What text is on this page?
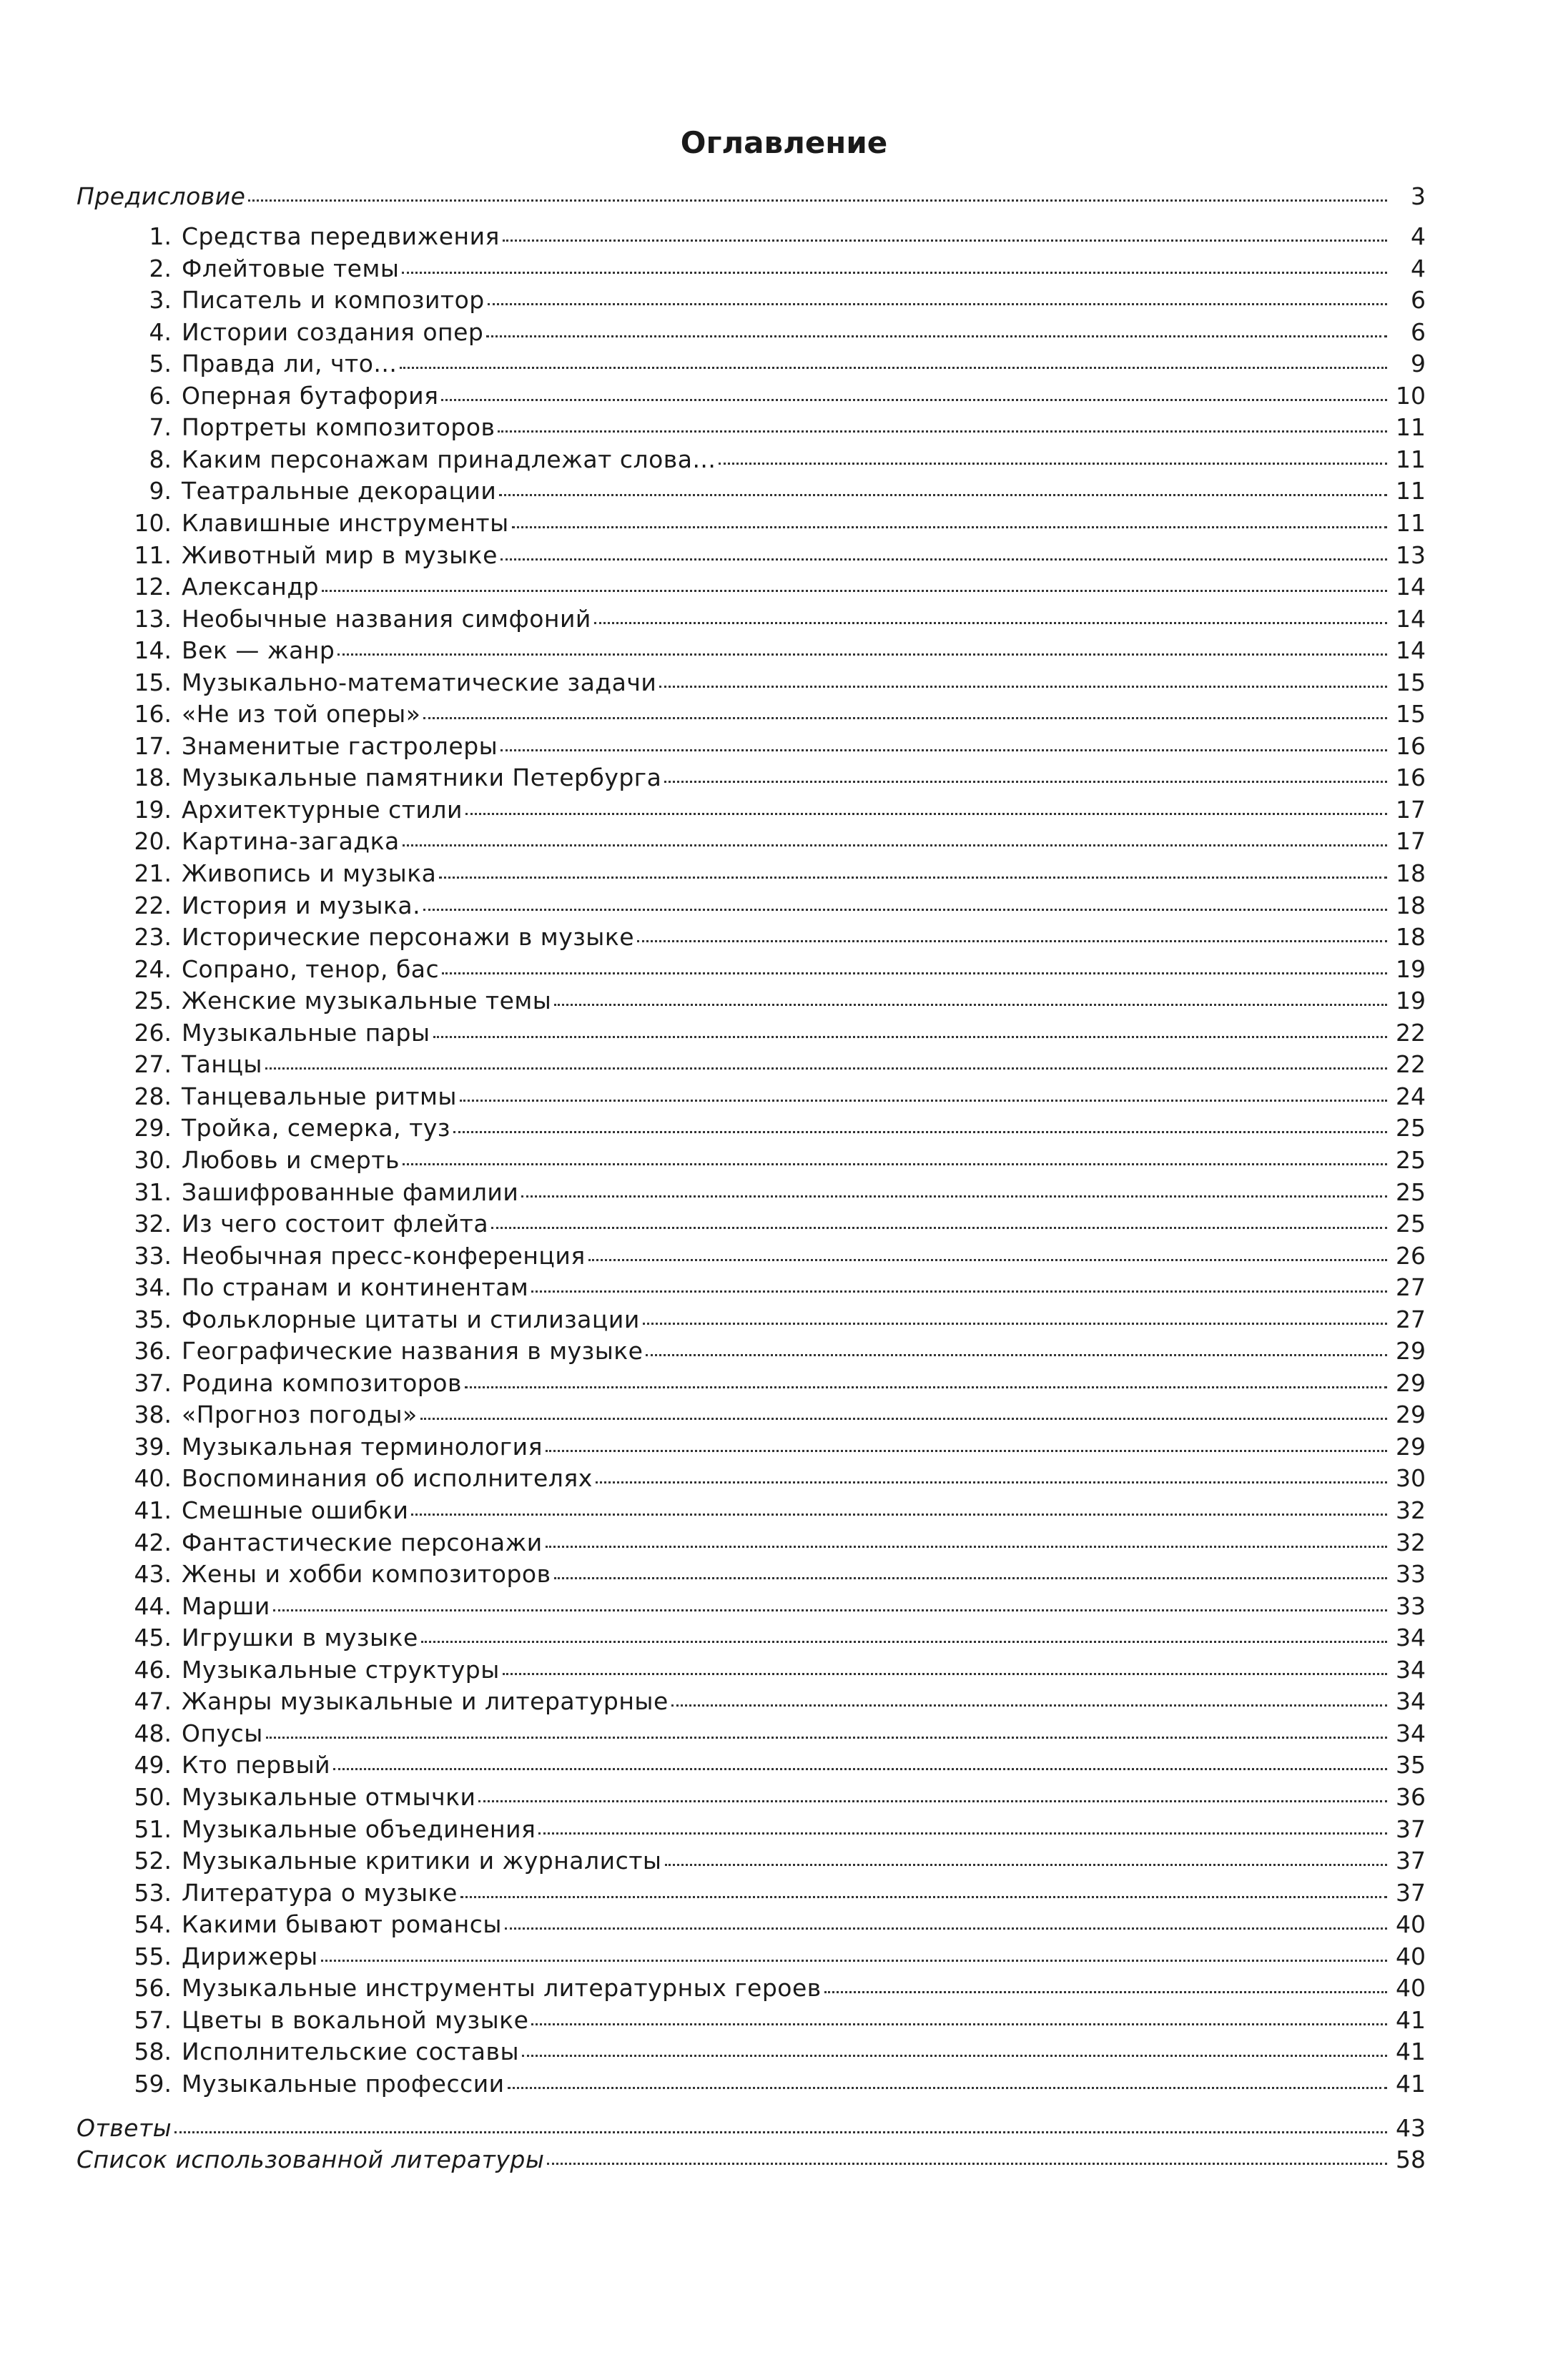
Оглавление
Предисловие	3
1. Средства передвижения	4
2. Флейтовые темы	4
3. Писатель и композитор	6
4. Истории создания опер	6
5. Правда ли, что...	9
6. Оперная бутафория	10
7. Портреты композиторов	11
8. Каким персонажам принадлежат слова...	11
9. Театральные декорации	11
10. Клавишные инструменты	11
11. Животный мир в музыке	13
12. Александр	14
13. Необычные названия симфоний	14
14. Век — жанр	14
15. Музыкально-математические задачи	15
16. «Не из той оперы»	15
17. Знаменитые гастролеры	16
18. Музыкальные памятники Петербурга	16
19. Архитектурные стили	17
20. Картина-загадка	17
21. Живопись и музыка	18
22. История и музыка.	18
23. Исторические персонажи в музыке	18
24. Сопрано, тенор, бас	19
25. Женские музыкальные темы	19
26. Музыкальные пары	22
27. Танцы	22
28. Танцевальные ритмы	24
29. Тройка, семерка, туз	25
30. Любовь и смерть	25
31. Зашифрованные фамилии	25
32. Из чего состоит флейта	25
33. Необычная пресс-конференция	26
34. По странам и континентам	27
35. Фольклорные цитаты и стилизации	27
36. Географические названия в музыке	29
37. Родина композиторов	29
38. «Прогноз погоды»	29
39. Музыкальная терминология	29
40. Воспоминания об исполнителях	30
41. Смешные ошибки	32
42. Фантастические персонажи	32
43. Жены и хобби композиторов	33
44. Марши	33
45. Игрушки в музыке	34
46. Музыкальные структуры	34
47. Жанры музыкальные и литературные	34
48. Опусы	34
49. Кто первый	35
50. Музыкальные отмычки	36
51. Музыкальные объединения	37
52. Музыкальные критики и журналисты	37
53. Литература о музыке	37
54. Какими бывают романсы	40
55. Дирижеры	40
56. Музыкальные инструменты литературных героев	40
57. Цветы в вокальной музыке	41
58. Исполнительские составы	41
59. Музыкальные профессии	41
Ответы	43
Список использованной литературы	58
